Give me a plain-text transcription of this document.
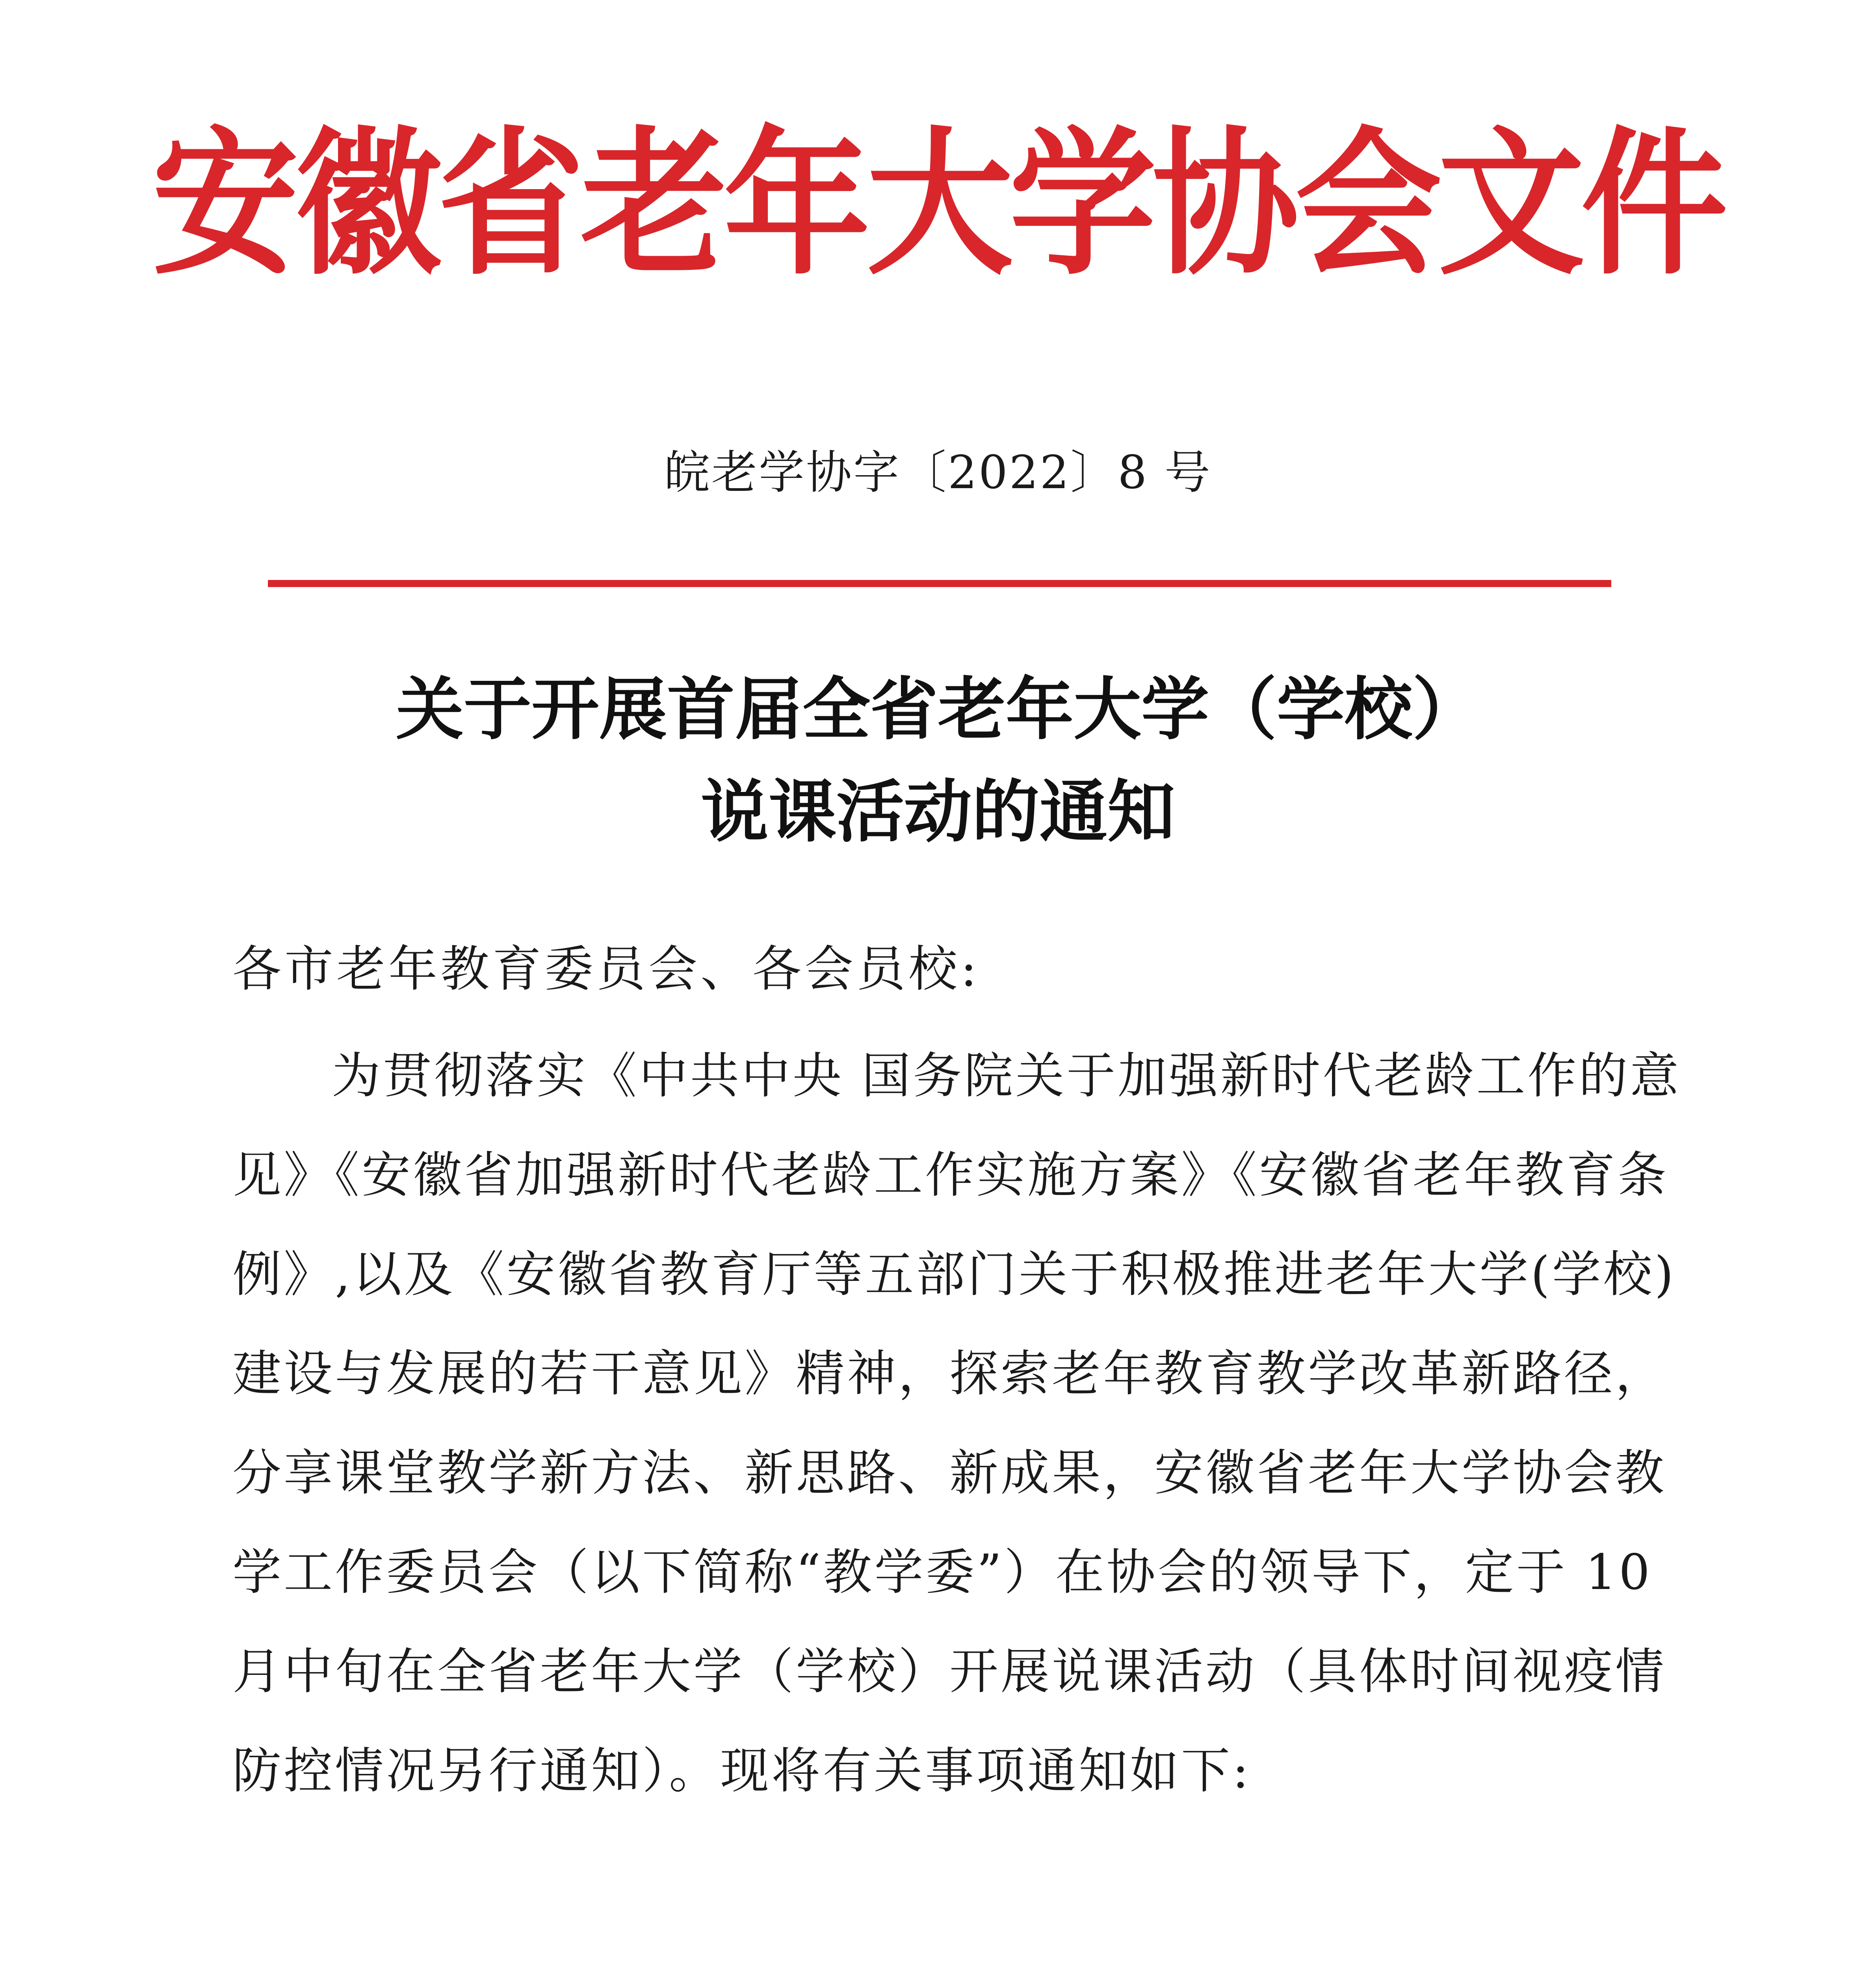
安徽省老年大学协会文件
皖老学协字〔2022〕8 号
关于开展首届全省老年大学（学校）
说课活动的通知
各市老年教育委员会、各会员校:
为贯彻落实《中共中央 国务院关于加强新时代老龄工作的意
见》《安徽省加强新时代老龄工作实施方案》《安徽省老年教育条
例》,以及《安徽省教育厅等五部门关于积极推进老年大学(学校)
建设与发展的若干意见》精神，探索老年教育教学改革新路径，
分享课堂教学新方法、新思路、新成果，安徽省老年大学协会教
学工作委员会（以下简称“教学委”）在协会的领导下，定于 10
月中旬在全省老年大学（学校）开展说课活动（具体时间视疫情
防控情况另行通知）。现将有关事项通知如下:
